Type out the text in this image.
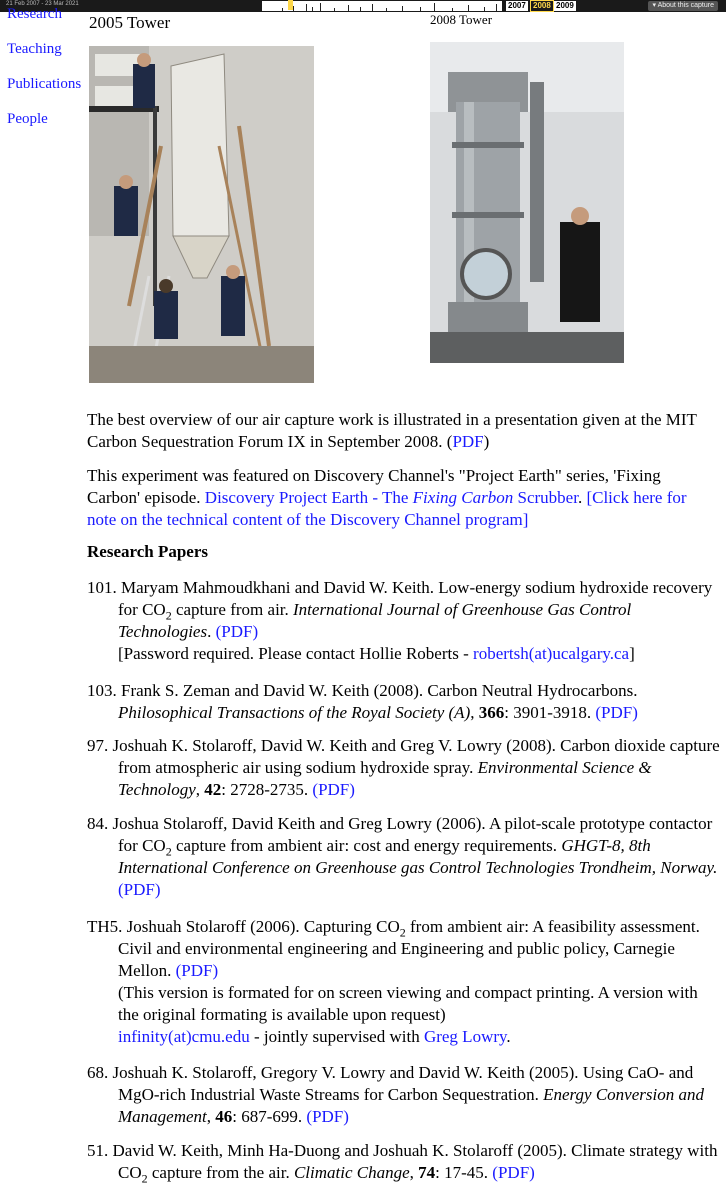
21 Feb 2007 - 23 Mar 2021	2007 2008 2009	▾ About this capture
Research
Teaching
Publications
People
2005 Tower	2008 Tower
The best overview of our air capture work is illustrated in a presentation given at the MIT Carbon Sequestration Forum IX in September 2008. (PDF)
This experiment was featured on Discovery Channel's "Project Earth" series, 'Fixing Carbon' episode. Discovery Project Earth - The Fixing Carbon Scrubber. [Click here for note on the technical content of the Discovery Channel program]
Research Papers
101. Maryam Mahmoudkhani and David W. Keith. Low-energy sodium hydroxide recovery for $CO_2$ capture from air. International Journal of Greenhouse Gas Control Technologies. (PDF)
[Password required. Please contact Hollie Roberts - robertsh(at)ucalgary.ca]
103. Frank S. Zeman and David W. Keith (2008). Carbon Neutral Hydrocarbons. Philosophical Transactions of the Royal Society (A), 366: 3901-3918. (PDF)
97. Joshuah K. Stolaroff, David W. Keith and Greg V. Lowry (2008). Carbon dioxide capture from atmospheric air using sodium hydroxide spray. Environmental Science & Technology, 42: 2728-2735. (PDF)
84. Joshua Stolaroff, David Keith and Greg Lowry (2006). A pilot-scale prototype contactor for $CO_2$ capture from ambient air: cost and energy requirements. GHGT-8, 8th International Conference on Greenhouse gas Control Technologies Trondheim, Norway. (PDF)
TH5. Joshuah Stolaroff (2006). Capturing $CO_2$ from ambient air: A feasibility assessment. Civil and environmental engineering and Engineering and public policy, Carnegie Mellon. (PDF)
(This version is formated for on screen viewing and compact printing. A version with the original formating is available upon request)
infinity(at)cmu.edu - jointly supervised with Greg Lowry.
68. Joshuah K. Stolaroff, Gregory V. Lowry and David W. Keith (2005). Using CaO- and MgO-rich Industrial Waste Streams for Carbon Sequestration. Energy Conversion and Management, 46: 687-699. (PDF)
51. David W. Keith, Minh Ha-Duong and Joshuah K. Stolaroff (2005). Climate strategy with $CO_2$ capture from the air. Climatic Change, 74: 17-45. (PDF)
